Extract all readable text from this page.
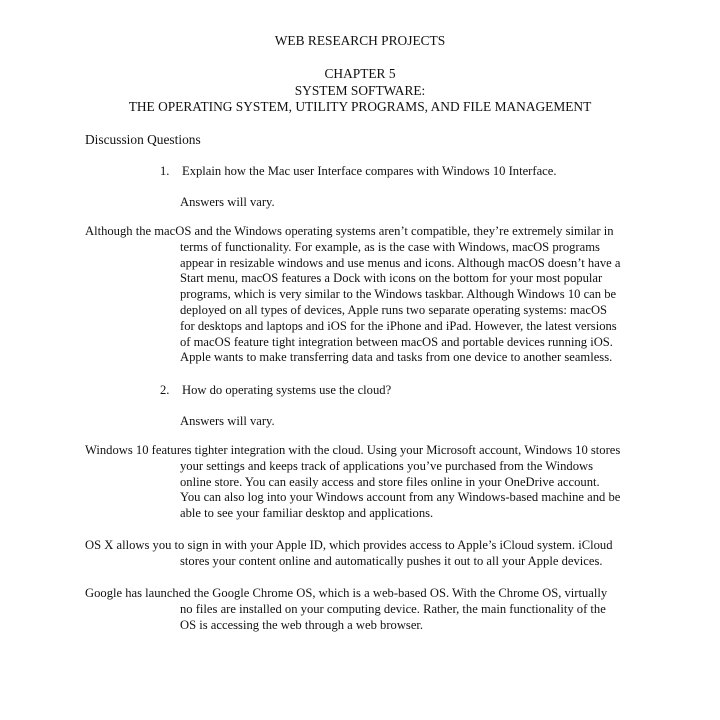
WEB RESEARCH PROJECTS
CHAPTER 5
SYSTEM SOFTWARE:
THE OPERATING SYSTEM, UTILITY PROGRAMS, AND FILE MANAGEMENT
Discussion Questions
1. Explain how the Mac user Interface compares with Windows 10 Interface.
Answers will vary.
Although the macOS and the Windows operating systems aren’t compatible, they’re extremely similar in
terms of functionality. For example, as is the case with Windows, macOS programs
appear in resizable windows and use menus and icons. Although macOS doesn’t have a
Start menu, macOS features a Dock with icons on the bottom for your most popular
programs, which is very similar to the Windows taskbar. Although Windows 10 can be
deployed on all types of devices, Apple runs two separate operating systems: macOS
for desktops and laptops and iOS for the iPhone and iPad. However, the latest versions
of macOS feature tight integration between macOS and portable devices running iOS.
Apple wants to make transferring data and tasks from one device to another seamless.
2. How do operating systems use the cloud?
Answers will vary.
Windows 10 features tighter integration with the cloud. Using your Microsoft account, Windows 10 stores
your settings and keeps track of applications you’ve purchased from the Windows
online store. You can easily access and store files online in your OneDrive account.
You can also log into your Windows account from any Windows-based machine and be
able to see your familiar desktop and applications.
OS X allows you to sign in with your Apple ID, which provides access to Apple’s iCloud system. iCloud
stores your content online and automatically pushes it out to all your Apple devices.
Google has launched the Google Chrome OS, which is a web-based OS. With the Chrome OS, virtually
no files are installed on your computing device. Rather, the main functionality of the
OS is accessing the web through a web browser.
